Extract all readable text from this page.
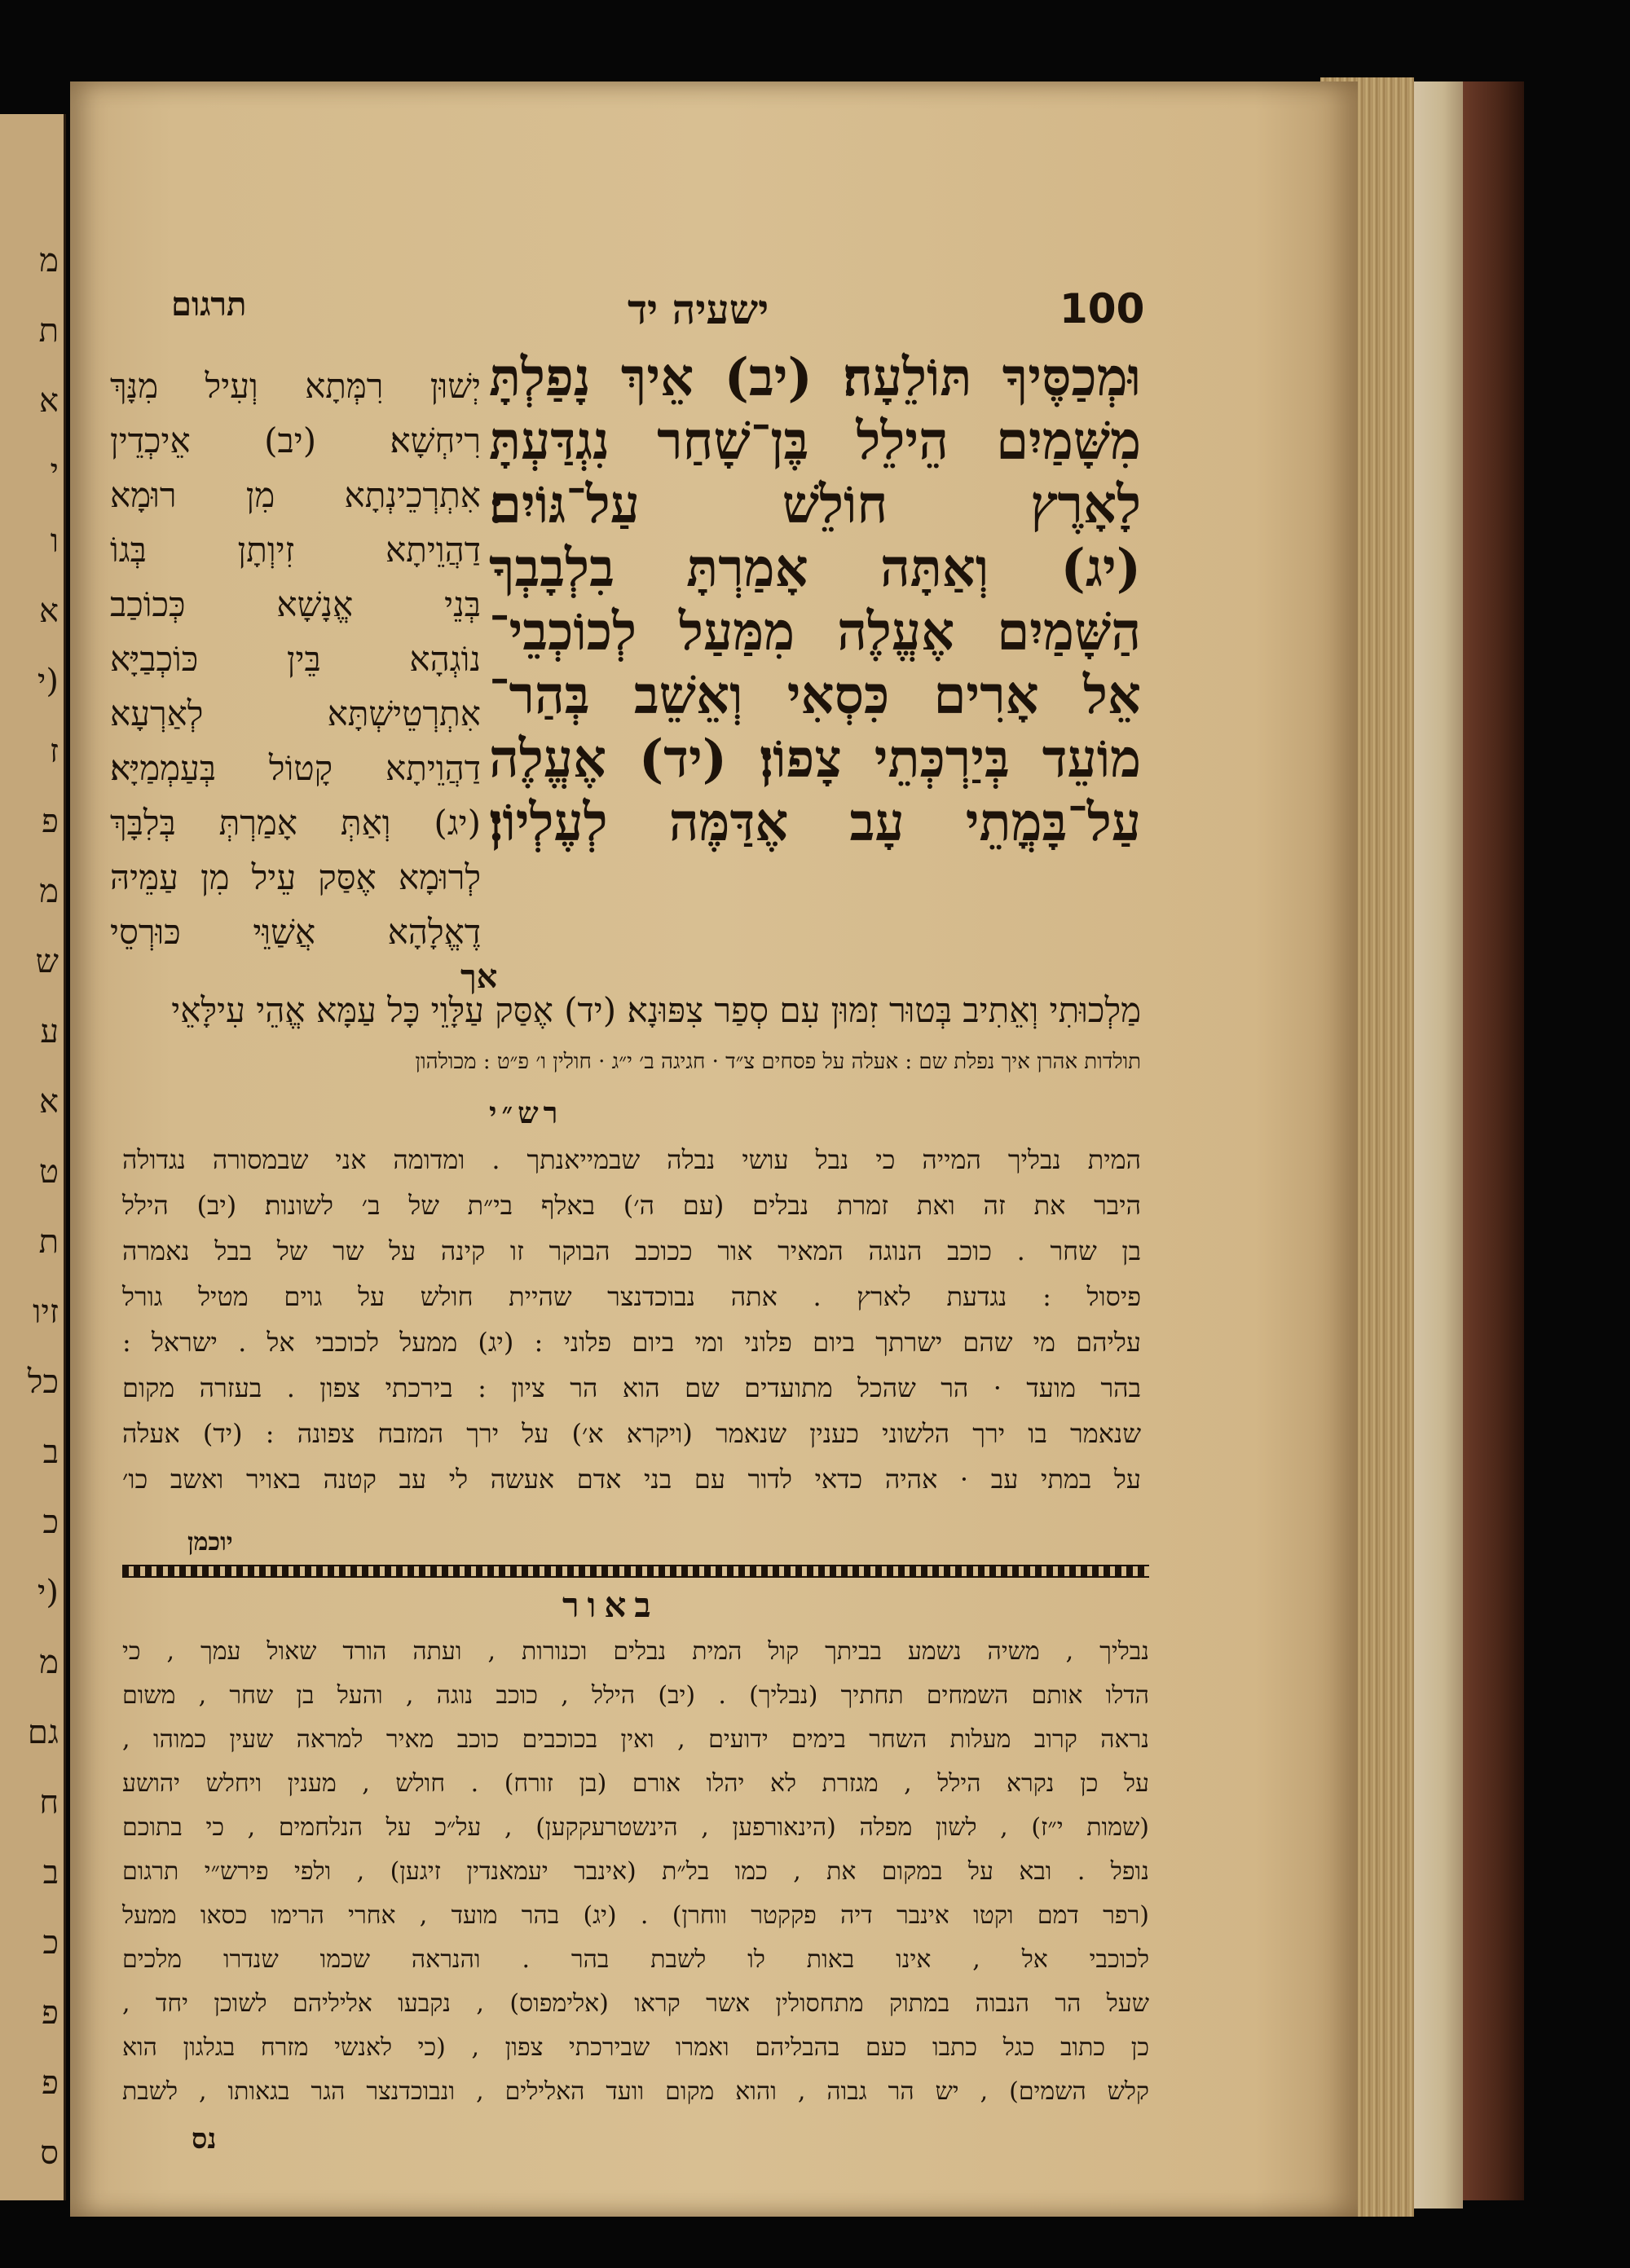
מ
ת
א
י
ו
א
(י
ז
פ
מ
ש
ע
א
ט
ת
זיו
כל
ב
כ
(י
מ
גם
ח
ב
כ
פ
פ
ס
100
ישעיה יד
תרגום
וּמְכַסֶּיךָ תּוֹלֵעָה׃ (יב) אֵיךְ נָפַלְתָּ
מִשָּׁמַיִם הֵילֵל בֶּן־שָׁחַר נִגְדַּעְתָּ
לָאָרֶץ חוֹלֵשׁ עַל־גּוֹיִם׃
(יג) וְאַתָּה אָמַרְתָּ בִלְבָבְךָ
הַשָּׁמַיִם אֶעֱלֶה מִמַּעַל לְכוֹכְבֵי־
אֵל אָרִים כִּסְאִי וְאֵשֵׁב בְּהַר־
מוֹעֵד בְּיַרְכְּתֵי צָפוֹן׃ (יד) אֶעֱלֶה
עַל־בָּמֳתֵי עָב אֶדַּמֶּה לְעֶלְיוֹן׃
יְשׁוּן רִמְּתָא וְעִיל מִנָּךְ
רִיחְשָׁא׃ (יב) אֵיכְדֵין
אִתְרְכֵינְתָא מִן רוּמָא
דַהֲוֵיתָא זִיוְתָן בְּגוֹ
בְּנֵי אֱנָשָׁא כְּכוֹכַב
נוֹגְהָא בֵּין כּוֹכְבַיָּא
אִתְרְטֵישְׁתָּא לְאַרְעָא
דַהֲוֵיתָא קָטוֹל בְּעַמְמַיָּא׃
(יג) וְאַתְּ אָמַרְתְּ בְּלִבָּךְ
לְרוּמָא אֶסַּק עֵיל מִן עַמֵּיהּ
דֶאֱלָהָא אֲשַׁוֵּי כּוּרְסֵי
אך
מַלְכוּתִי וְאֵתִיב בְּטוּר זִמּוּן עִם סְפַר צִפּוּנָא׃ (יד) אֶסַּק עַלָּוֵי כָּל עַמָּא אֱהֵי עִילָּאֵי
תולדות אהרן איך נפלת שם : אעלה על פסחים צ״ד · חגיגה ב׳ י״ג · חולין ו׳ פ״ט : מכולהון
רש״י
המית נבליך המייה כי נבל עושי נבלה שבמייאנתך . ומדומה אני שבמסורה נגדולה
היבר את זה ואת זמרת נבלים (עם ה׳) באלף בי״ת של ב׳ לשונות׃ (יב) הילל
בן שחר . כוכב הנוגה המאיר אור ככוכב הבוקר זו קינה על שר של בבל נאמרה
פיסול : נגדעת לארץ . אתה נבוכדנצר שהיית חולש על גוים מטיל גורל
עליהם מי שהם ישרתך ביום פלוני ומי ביום פלוני : (יג) ממעל לכוכבי אל . ישראל :
בהר מועד · הר שהכל מתועדים שם הוא הר ציון : בירכתי צפון . בעזרה מקום
שנאמר בו ירך הלשוני כענין שנאמר (ויקרא א׳) על ירך המזבח צפונה : (יד) אעלה
על במתי עב · אהיה כדאי לדור עם בני אדם אעשה לי עב קטנה באויר ואשב כו׳
יוכמן
באור
נבליך , משיה נשמע בביתך קול המית נבלים וכנורות , ועתה הורד שאול עמך , כי
הדלו אותם השמחים תחתיך (נבליך) . (יב) הילל , כוכב נוגה , והעל בן שחר , משום
נראה קרוב מעלות השחר בימים ידועים , ואין בכוכבים כוכב מאיר למראה שעין כמוהו ,
על כן נקרא הילל , מגזרת לא יהלו אורם (בן זורח) . חולש , מענין ויחלש יהושע
(שמות י״ז) , לשון מפלה (הינאורפען , הינשטרעקקען) , על״כ על הנלחמים , כי בתוכם
נופל . ובא על במקום את , כמו בל״ת (אינבר יעמאנדין זיגען) , ולפי פירש״י תרגום
(רפר דמם וקטו אינבר דיה פקקטר ווחרן) . (יג) בהר מועד , אחרי הרימו כסאו ממעל
לכוכבי אל , אינו באות לו לשבת בהר . והנראה שכמו שנדרו מלכים
שעל הר הנבוה במתוק מתחסולין אשר קראו (אלימפוס) , נקבעו אליליהם לשוכן יחד ,
כן כתוב כגל כתבו כעם בהבליהם ואמרו שבירכתי צפון , (כי לאנשי מזרח בגלגון הוא
קלש השמים) , יש הר גבוה , והוא מקום וועד האלילים , ונבוכדנצר הגר בגאותו , לשבת
נס
